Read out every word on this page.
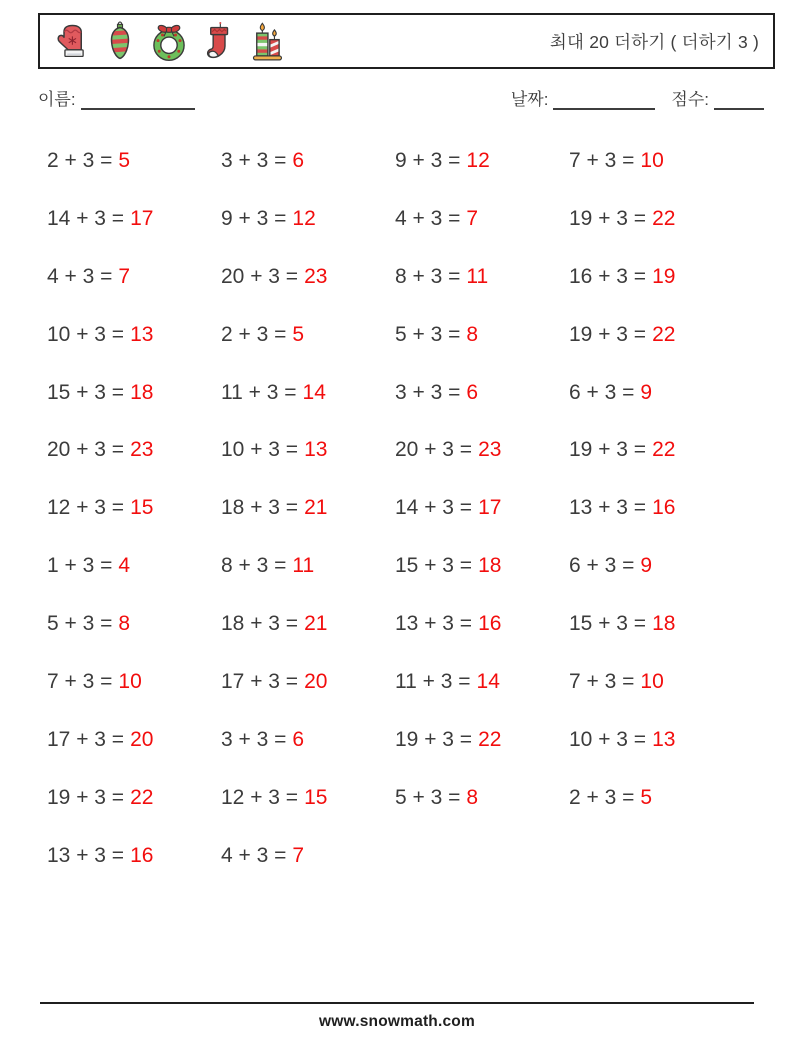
최대 20 더하기 ( 더하기 3 )
이름:	날짜:	점수:
2 + 3 = 5	3 + 3 = 6	9 + 3 = 12	7 + 3 = 10
14 + 3 = 17	9 + 3 = 12	4 + 3 = 7	19 + 3 = 22
4 + 3 = 7	20 + 3 = 23	8 + 3 = 11	16 + 3 = 19
10 + 3 = 13	2 + 3 = 5	5 + 3 = 8	19 + 3 = 22
15 + 3 = 18	11 + 3 = 14	3 + 3 = 6	6 + 3 = 9
20 + 3 = 23	10 + 3 = 13	20 + 3 = 23	19 + 3 = 22
12 + 3 = 15	18 + 3 = 21	14 + 3 = 17	13 + 3 = 16
1 + 3 = 4	8 + 3 = 11	15 + 3 = 18	6 + 3 = 9
5 + 3 = 8	18 + 3 = 21	13 + 3 = 16	15 + 3 = 18
7 + 3 = 10	17 + 3 = 20	11 + 3 = 14	7 + 3 = 10
17 + 3 = 20	3 + 3 = 6	19 + 3 = 22	10 + 3 = 13
19 + 3 = 22	12 + 3 = 15	5 + 3 = 8	2 + 3 = 5
13 + 3 = 16	4 + 3 = 7
www.snowmath.com
